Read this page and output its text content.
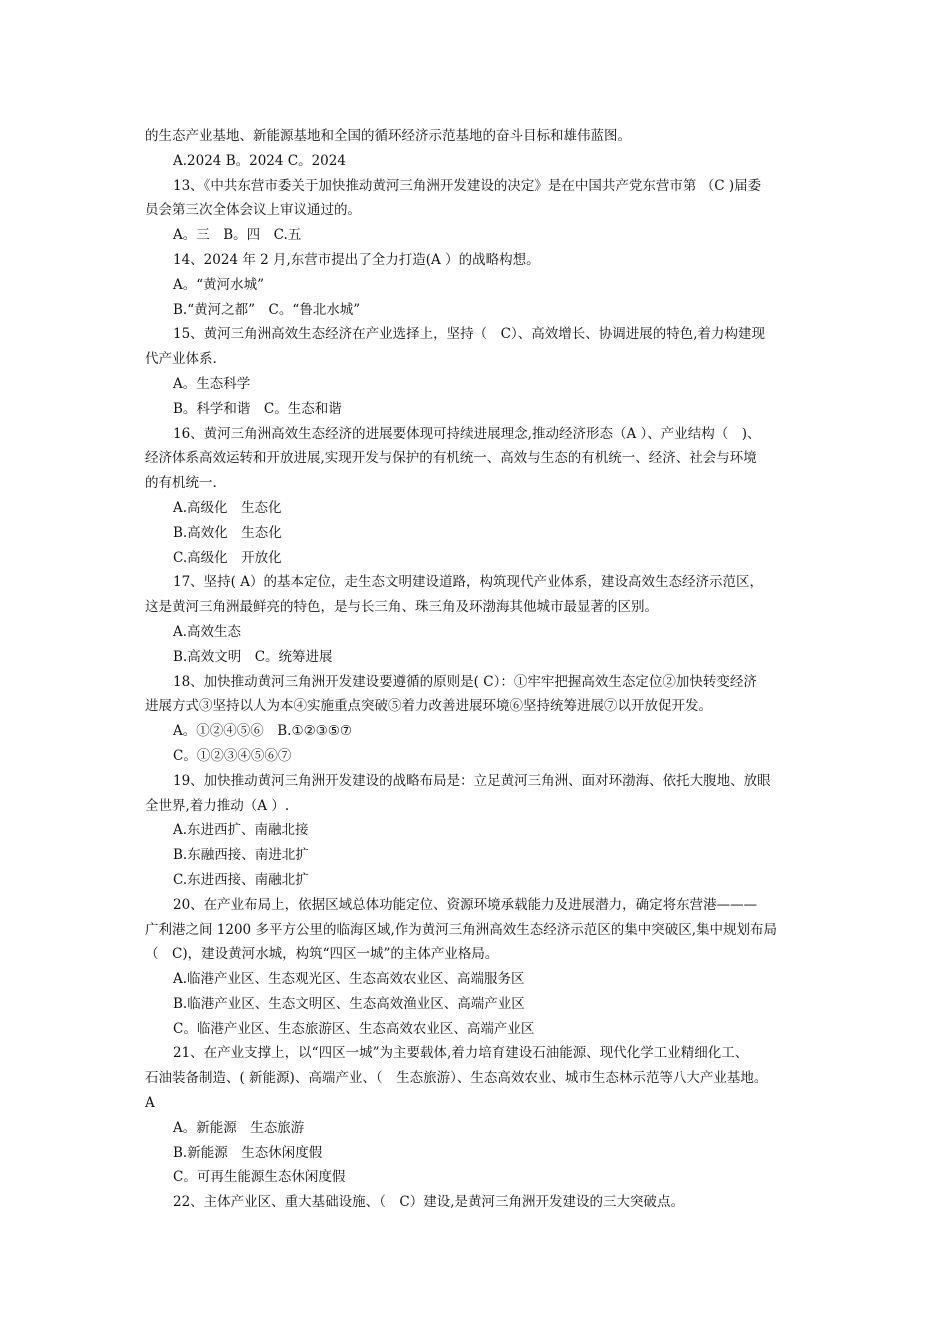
的生态产业基地、新能源基地和全国的循环经济示范基地的奋斗目标和雄伟蓝图。
A.2024 B。2024 C。2024
13、《中共东营市委关于加快推动黄河三角洲开发建设的决定》是在中国共产党东营市第 （C )届委
员会第三次全体会议上审议通过的。
A。三　B。四　C.五
14、2024 年 2 月,东营市提出了全力打造(A ）的战略构想。
A。“黄河水城”
B.“黄河之都”　C。“鲁北水城”
15、黄河三角洲高效生态经济在产业选择上，坚持（　C）、高效增长、协调进展的特色,着力构建现
代产业体系.
A。生态科学
B。科学和谐　C。生态和谐
16、黄河三角洲高效生态经济的进展要体现可持续进展理念,推动经济形态（A ）、产业结构（　)、
经济体系高效运转和开放进展,实现开发与保护的有机统一、高效与生态的有机统一、经济、社会与环境
的有机统一.
A.高级化　生态化
B.高效化　生态化
C.高级化　开放化
17、坚持( A）的基本定位，走生态文明建设道路，构筑现代产业体系，建设高效生态经济示范区，
这是黄河三角洲最鲜亮的特色，是与长三角、珠三角及环渤海其他城市最显著的区别。
A.高效生态
B.高效文明　C。统筹进展
18、加快推动黄河三角洲开发建设要遵循的原则是( C）：①牢牢把握高效生态定位②加快转变经济
进展方式③坚持以人为本④实施重点突破⑤着力改善进展环境⑥坚持统筹进展⑦以开放促开发。
A。①②④⑤⑥　B.①②③⑤⑦
C。①②③④⑤⑥⑦
19、加快推动黄河三角洲开发建设的战略布局是：立足黄河三角洲、面对环渤海、依托大腹地、放眼
全世界,着力推动（A ）.
A.东进西扩、南融北接
B.东融西接、南进北扩
C.东进西接、南融北扩
20、在产业布局上，依据区域总体功能定位、资源环境承载能力及进展潜力，确定将东营港———
广利港之间 1200 多平方公里的临海区域,作为黄河三角洲高效生态经济示范区的集中突破区,集中规划布局
（　C)，建设黄河水城，构筑“四区一城”的主体产业格局。
A.临港产业区、生态观光区、生态高效农业区、高端服务区
B.临港产业区、生态文明区、生态高效渔业区、高端产业区
C。临港产业区、生态旅游区、生态高效农业区、高端产业区
21、在产业支撑上，以“四区一城”为主要载体,着力培育建设石油能源、现代化学工业精细化工、
石油装备制造、( 新能源)、高端产业、（　生态旅游）、生态高效农业、城市生态林示范等八大产业基地。
A
A。新能源　生态旅游
B.新能源　生态休闲度假
C。可再生能源生态休闲度假
22、主体产业区、重大基础设施、（　C）建设,是黄河三角洲开发建设的三大突破点。
